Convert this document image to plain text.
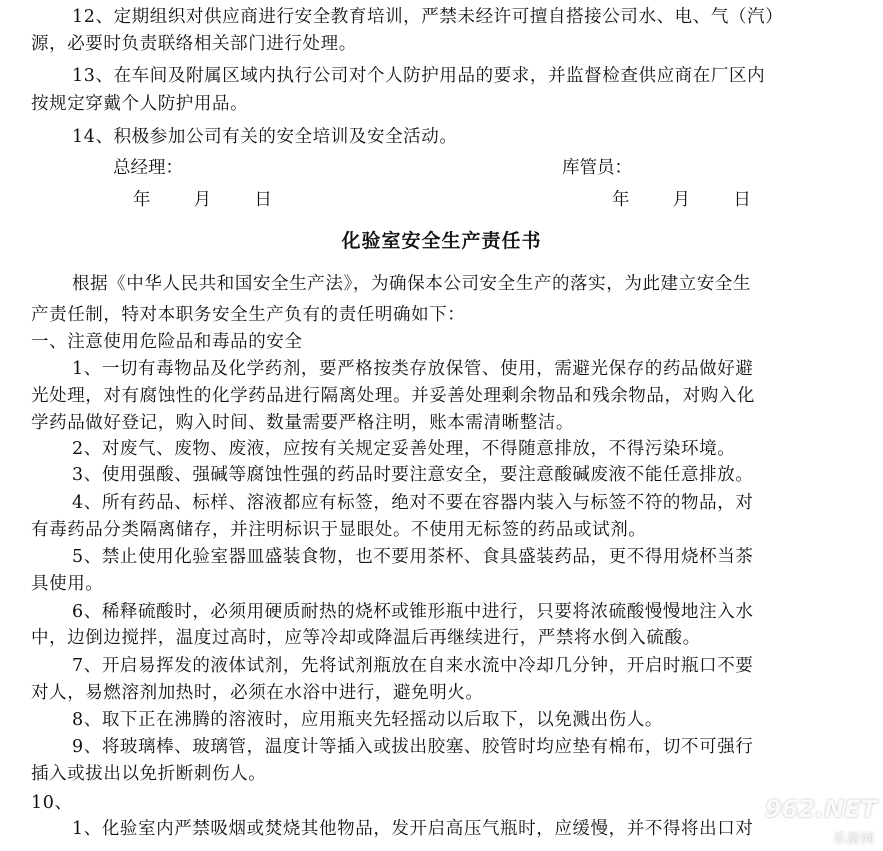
12、定期组织对供应商进行安全教育培训，严禁未经许可擅自搭接公司水、电、气（汽）
源，必要时负责联络相关部门进行处理。
13、在车间及附属区域内执行公司对个人防护用品的要求，并监督检查供应商在厂区内
按规定穿戴个人防护用品。
14、积极参加公司有关的安全培训及安全活动。
总经理：	库管员：
年 月 日	年 月 日
化验室安全生产责任书
根据《中华人民共和国安全生产法》，为确保本公司安全生产的落实，为此建立安全生
产责任制，特对本职务安全生产负有的责任明确如下：
一、注意使用危险品和毒品的安全
1、一切有毒物品及化学药剂，要严格按类存放保管、使用，需避光保存的药品做好避
光处理，对有腐蚀性的化学药品进行隔离处理。并妥善处理剩余物品和残余物品，对购入化
学药品做好登记，购入时间、数量需要严格注明，账本需清晰整洁。
2、对废气、废物、废液，应按有关规定妥善处理，不得随意排放，不得污染环境。
3、使用强酸、强碱等腐蚀性强的药品时要注意安全，要注意酸碱废液不能任意排放。
4、所有药品、标样、溶液都应有标签，绝对不要在容器内装入与标签不符的物品，对
有毒药品分类隔离储存，并注明标识于显眼处。不使用无标签的药品或试剂。
5、禁止使用化验室器皿盛装食物，也不要用茶杯、食具盛装药品，更不得用烧杯当茶
具使用。
6、稀释硫酸时，必须用硬质耐热的烧杯或锥形瓶中进行，只要将浓硫酸慢慢地注入水
中，边倒边搅拌，温度过高时，应等冷却或降温后再继续进行，严禁将水倒入硫酸。
7、开启易挥发的液体试剂，先将试剂瓶放在自来水流中冷却几分钟，开启时瓶口不要
对人，易燃溶剂加热时，必须在水浴中进行，避免明火。
8、取下正在沸腾的溶液时，应用瓶夹先轻摇动以后取下，以免溅出伤人。
9、将玻璃棒、玻璃管，温度计等插入或拔出胶塞、胶管时均应垫有棉布，切不可强行
插入或拔出以免折断刺伤人。
10、
1、化验室内严禁吸烟或焚烧其他物品，发开启高压气瓶时，应缓慢，并不得将出口对
962.NET
乐游网
